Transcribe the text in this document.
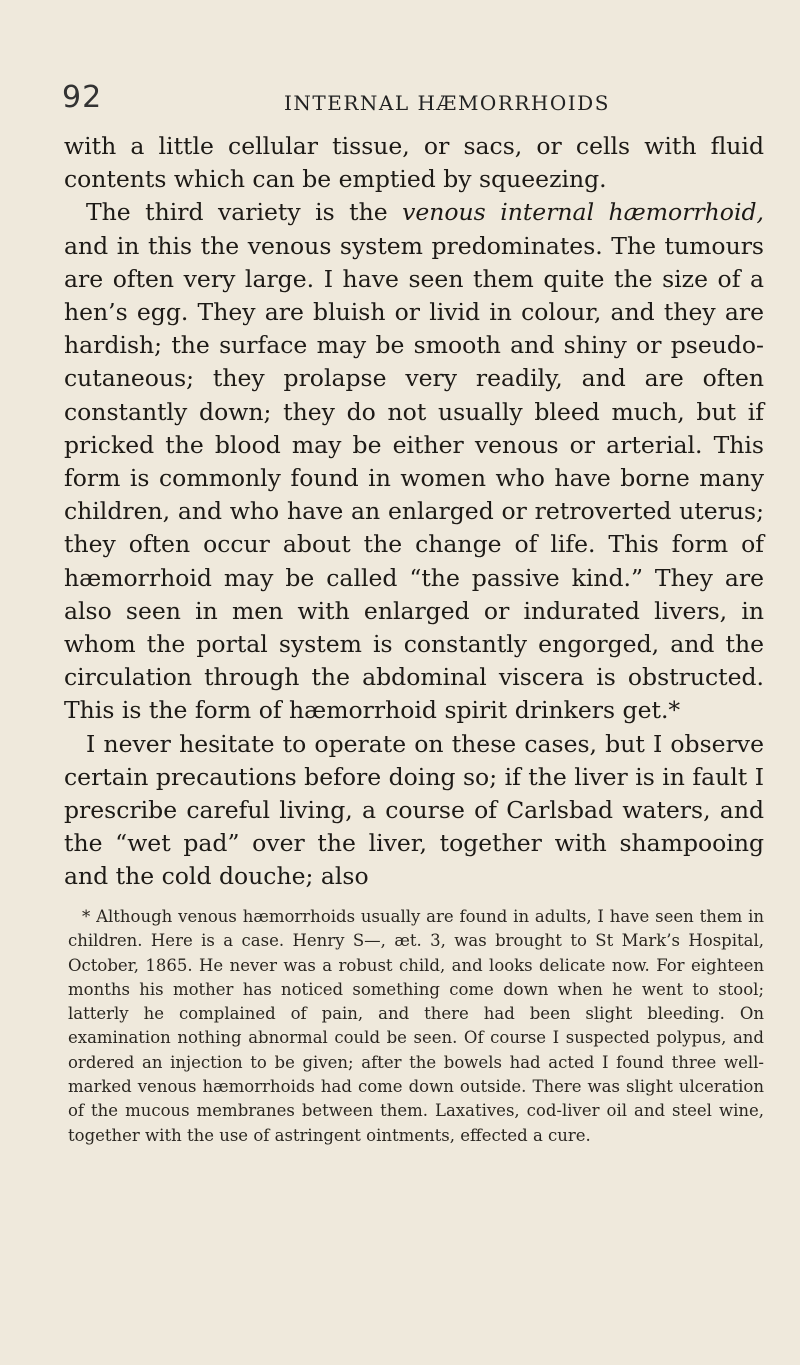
92	INTERNAL HÆMORRHOIDS

with a little cellular tissue, or sacs, or cells with fluid contents which can be emptied by squeezing.

The third variety is the venous internal hæmorrhoid, and in this the venous system predominates. The tumours are often very large. I have seen them quite the size of a hen’s egg. They are bluish or livid in colour, and they are hardish; the surface may be smooth and shiny or pseudo-cutaneous; they prolapse very readily, and are often constantly down; they do not usually bleed much, but if pricked the blood may be either venous or arterial. This form is commonly found in women who have borne many children, and who have an enlarged or retroverted uterus; they often occur about the change of life. This form of hæmorrhoid may be called “the passive kind.” They are also seen in men with enlarged or indurated livers, in whom the portal system is constantly engorged, and the circulation through the abdominal viscera is obstructed. This is the form of hæmorrhoid spirit drinkers get.*

I never hesitate to operate on these cases, but I observe certain precautions before doing so; if the liver is in fault I prescribe careful living, a course of Carlsbad waters, and the “wet pad” over the liver, together with shampooing and the cold douche; also

* Although venous hæmorrhoids usually are found in adults, I have seen them in children. Here is a case. Henry S—, æt. 3, was brought to St Mark’s Hospital, October, 1865. He never was a robust child, and looks delicate now. For eighteen months his mother has noticed something come down when he went to stool; latterly he complained of pain, and there had been slight bleeding. On examination nothing abnormal could be seen. Of course I suspected polypus, and ordered an injection to be given; after the bowels had acted I found three well-marked venous hæmorrhoids had come down outside. There was slight ulceration of the mucous membranes between them. Laxatives, cod-liver oil and steel wine, together with the use of astringent ointments, effected a cure.
